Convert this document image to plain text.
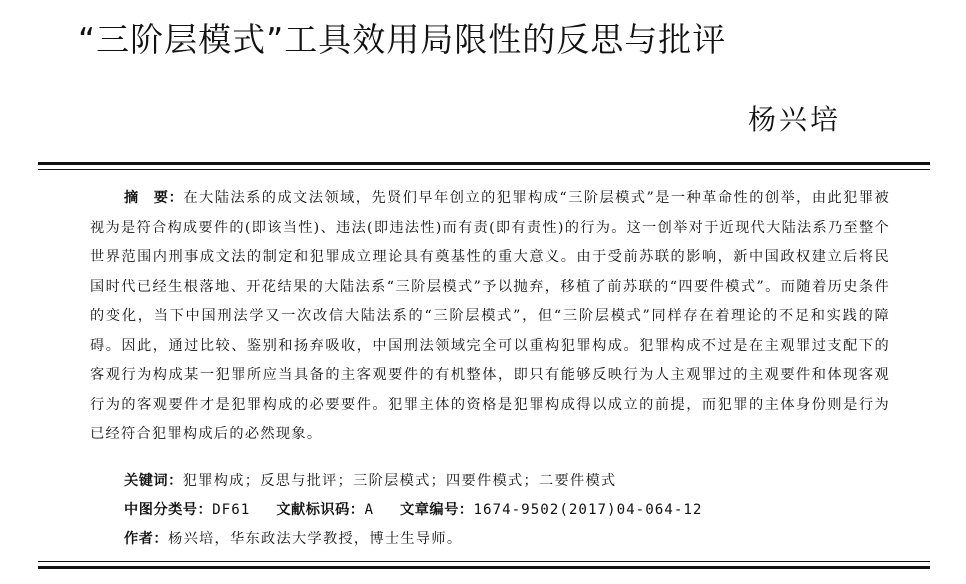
“三阶层模式”工具效用局限性的反思与批评
杨兴培

摘　要：在大陆法系的成文法领域，先贤们早年创立的犯罪构成“三阶层模式”是一种革命性的创举，由此犯罪被视为是符合构成要件的(即该当性)、违法(即违法性)而有责(即有责性)的行为。这一创举对于近现代大陆法系乃至整个世界范围内刑事成文法的制定和犯罪成立理论具有奠基性的重大意义。由于受前苏联的影响，新中国政权建立后将民国时代已经生根落地、开花结果的大陆法系“三阶层模式”予以抛弃，移植了前苏联的“四要件模式”。而随着历史条件的变化，当下中国刑法学又一次改信大陆法系的“三阶层模式”，但“三阶层模式”同样存在着理论的不足和实践的障碍。因此，通过比较、鉴别和扬弃吸收，中国刑法领域完全可以重构犯罪构成。犯罪构成不过是在主观罪过支配下的客观行为构成某一犯罪所应当具备的主客观要件的有机整体，即只有能够反映行为人主观罪过的主观要件和体现客观行为的客观要件才是犯罪构成的必要要件。犯罪主体的资格是犯罪构成得以成立的前提，而犯罪的主体身份则是行为已经符合犯罪构成后的必然现象。

关键词：犯罪构成；反思与批评；三阶层模式；四要件模式；二要件模式
中图分类号：DF61 文献标识码：A 文章编号：1674-9502(2017)04-064-12
作者：杨兴培，华东政法大学教授，博士生导师。
